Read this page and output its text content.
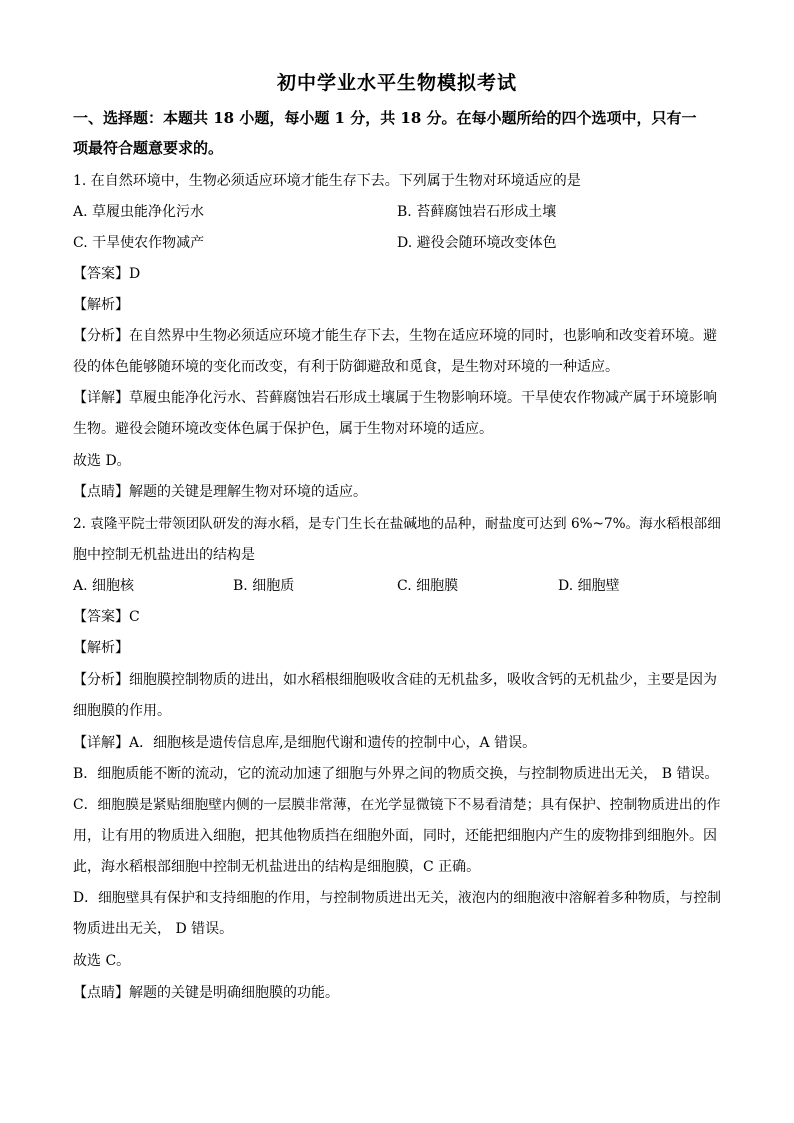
初中学业水平生物模拟考试
一、选择题：本题共 18 小题，每小题 1 分，共 18 分。在每小题所给的四个选项中，只有一
项最符合题意要求的。
1. 在自然环境中，生物必须适应环境才能生存下去。下列属于生物对环境适应的是
A. 草履虫能净化污水	B. 苔藓腐蚀岩石形成土壤
C. 干旱使农作物减产	D. 避役会随环境改变体色
【答案】D
【解析】
【分析】在自然界中生物必须适应环境才能生存下去，生物在适应环境的同时，也影响和改变着环境。避
役的体色能够随环境的变化而改变，有利于防御避敌和觅食，是生物对环境的一种适应。
【详解】草履虫能净化污水、苔藓腐蚀岩石形成土壤属于生物影响环境。干旱使农作物减产属于环境影响
生物。避役会随环境改变体色属于保护色，属于生物对环境的适应。
故选 D。
【点睛】解题的关键是理解生物对环境的适应。
2. 袁隆平院士带领团队研发的海水稻，是专门生长在盐碱地的品种，耐盐度可达到 6%~7%。海水稻根部细
胞中控制无机盐进出的结构是
A. 细胞核	B. 细胞质	C. 细胞膜	D. 细胞壁
【答案】C
【解析】
【分析】细胞膜控制物质的进出，如水稻根细胞吸收含硅的无机盐多，吸收含钙的无机盐少，主要是因为
细胞膜的作用。
【详解】A．细胞核是遗传信息库,是细胞代谢和遗传的控制中心，A 错误。
B．细胞质能不断的流动，它的流动加速了细胞与外界之间的物质交换，与控制物质进出无关， B 错误。
C．细胞膜是紧贴细胞壁内侧的一层膜非常薄，在光学显微镜下不易看清楚；具有保护、控制物质进出的作
用，让有用的物质进入细胞，把其他物质挡在细胞外面，同时，还能把细胞内产生的废物排到细胞外。因
此，海水稻根部细胞中控制无机盐进出的结构是细胞膜，C 正确。
D．细胞壁具有保护和支持细胞的作用，与控制物质进出无关，液泡内的细胞液中溶解着多种物质，与控制
物质进出无关， D 错误。
故选 C。
【点睛】解题的关键是明确细胞膜的功能。
